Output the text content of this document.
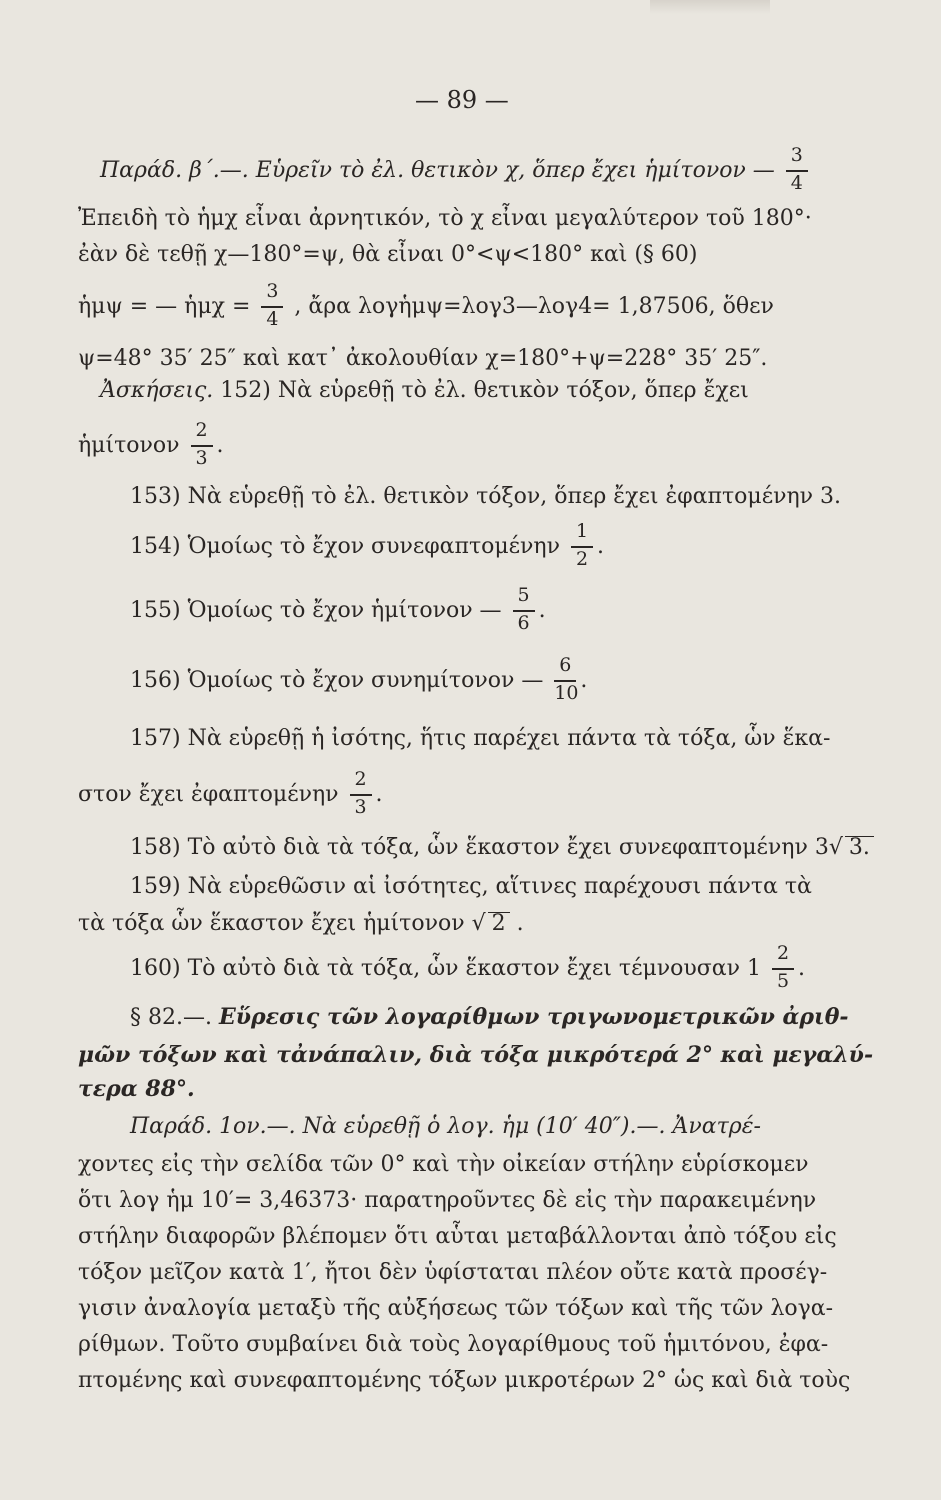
— 89 —
Παράδ. β΄.—. Εὑρεῖν τὸ ἐλ. θετικὸν χ, ὅπερ ἔχει ἡμίτονον — $\frac{3}{4}$
Ἐπειδὴ τὸ ἡμχ εἶναι ἀρνητικόν, τὸ χ εἶναι μεγαλύτερον τοῦ 180°·
ἐὰν δὲ τεθῇ χ—180°=ψ, θὰ εἶναι 0°<ψ<180° καὶ (§ 60)
ἡμψ = — ἡμχ = $\frac{3}{4}$ , ἄρα λογἡμψ=λογ3—λογ4= 1,87506, ὅθεν
ψ=48° 35′ 25″ καὶ κατ᾽ ἀκολουθίαν χ=180°+ψ=228° 35′ 25″.
Ἀσκήσεις. 152) Νὰ εὑρεθῇ τὸ ἐλ. θετικὸν τόξον, ὅπερ ἔχει
ἡμίτονον $\frac{2}{3}$ .
153) Νὰ εὑρεθῇ τὸ ἐλ. θετικὸν τόξον, ὅπερ ἔχει ἐφαπτομένην 3.
154) Ὁμοίως τὸ ἔχον συνεφαπτομένην $\frac{1}{2}$ .
155) Ὁμοίως τὸ ἔχον ἡμίτονον — $\frac{5}{6}$ .
156) Ὁμοίως τὸ ἔχον συνημίτονον — $\frac{6}{10}$ .
157) Νὰ εὑρεθῇ ἡ ἰσότης, ἥτις παρέχει πάντα τὰ τόξα, ὧν ἕκα-
στον ἔχει ἐφαπτομένην $\frac{2}{3}$ .
158) Τὸ αὐτὸ διὰ τὰ τόξα, ὧν ἕκαστον ἔχει συνεφαπτομένην 3√ 3.
159) Νὰ εὑρεθῶσιν αἱ ἰσότητες, αἵτινες παρέχουσι πάντα τὰ
τὰ τόξα ὧν ἕκαστον ἔχει ἡμίτονον √ 2 .
160) Τὸ αὐτὸ διὰ τὰ τόξα, ὧν ἕκαστον ἔχει τέμνουσαν $1 \frac{2}{5}$ .
§ 82.—. Εὕρεσις τῶν λογαρίθμων τριγωνομετρικῶν ἀριθ-
μῶν τόξων καὶ τἀνάπαλιν, διὰ τόξα μικρότερά 2° καὶ μεγαλύ-
τερα 88°.
Παράδ. 1ον.—. Νὰ εὑρεθῇ ὁ λογ. ἡμ (10′ 40″).—. Ἀνατρέ-
χοντες εἰς τὴν σελίδα τῶν 0° καὶ τὴν οἰκείαν στήλην εὑρίσκομεν
ὅτι λογ ἡμ 10′= 3,46373· παρατηροῦντες δὲ εἰς τὴν παρακειμένην
στήλην διαφορῶν βλέπομεν ὅτι αὗται μεταβάλλονται ἀπὸ τόξου εἰς
τόξον μεῖζον κατὰ 1′, ἤτοι δὲν ὑφίσταται πλέον οὔτε κατὰ προσέγ-
γισιν ἀναλογία μεταξὺ τῆς αὐξήσεως τῶν τόξων καὶ τῆς τῶν λογα-
ρίθμων. Τοῦτο συμβαίνει διὰ τοὺς λογαρίθμους τοῦ ἡμιτόνου, ἐφα-
πτομένης καὶ συνεφαπτομένης τόξων μικροτέρων 2° ὡς καὶ διὰ τοὺς
